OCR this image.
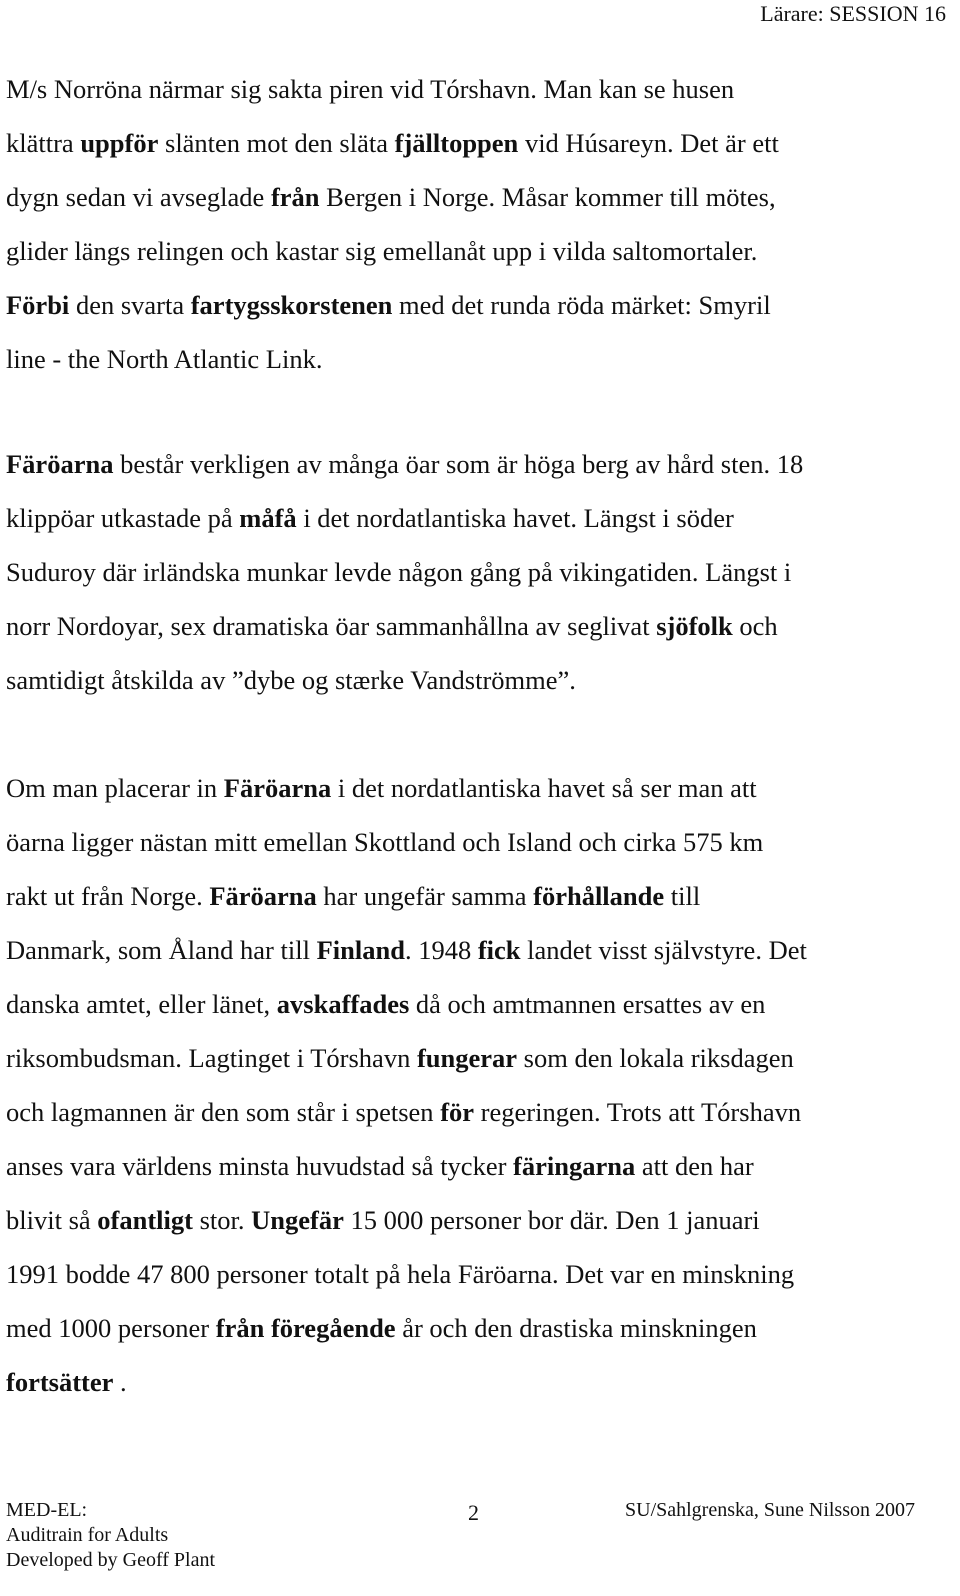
Lärare: SESSION 16
M/s Norröna närmar sig sakta piren vid Tórshavn. Man kan se husen
klättra uppför slänten mot den släta fjälltoppen vid Húsareyn. Det är ett
dygn sedan vi avseglade från Bergen i Norge. Måsar kommer till mötes,
glider längs relingen och kastar sig emellanåt upp i vilda saltomortaler.
Förbi den svarta fartygsskorstenen med det runda röda märket: Smyril
line - the North Atlantic Link.
Färöarna består verkligen av många öar som är höga berg av hård sten. 18
klippöar utkastade på måfå i det nordatlantiska havet. Längst i söder
Suduroy där irländska munkar levde någon gång på vikingatiden. Längst i
norr Nordoyar, sex dramatiska öar sammanhållna av seglivat sjöfolk och
samtidigt åtskilda av ”dybe og stærke Vandströmme”.
Om man placerar in Färöarna i det nordatlantiska havet så ser man att
öarna ligger nästan mitt emellan Skottland och Island och cirka 575 km
rakt ut från Norge. Färöarna har ungefär samma förhållande till
Danmark, som Åland har till Finland. 1948 fick landet visst självstyre. Det
danska amtet, eller länet, avskaffades då och amtmannen ersattes av en
riksombudsman. Lagtinget i Tórshavn fungerar som den lokala riksdagen
och lagmannen är den som står i spetsen för regeringen. Trots att Tórshavn
anses vara världens minsta huvudstad så tycker färingarna att den har
blivit så ofantligt stor. Ungefär 15 000 personer bor där. Den 1 januari
1991 bodde 47 800 personer totalt på hela Färöarna. Det var en minskning
med 1000 personer från föregående år och den drastiska minskningen
fortsätter .
MED-EL:
Auditrain for Adults
Developed by Geoff Plant
2	SU/Sahlgrenska, Sune Nilsson 2007
